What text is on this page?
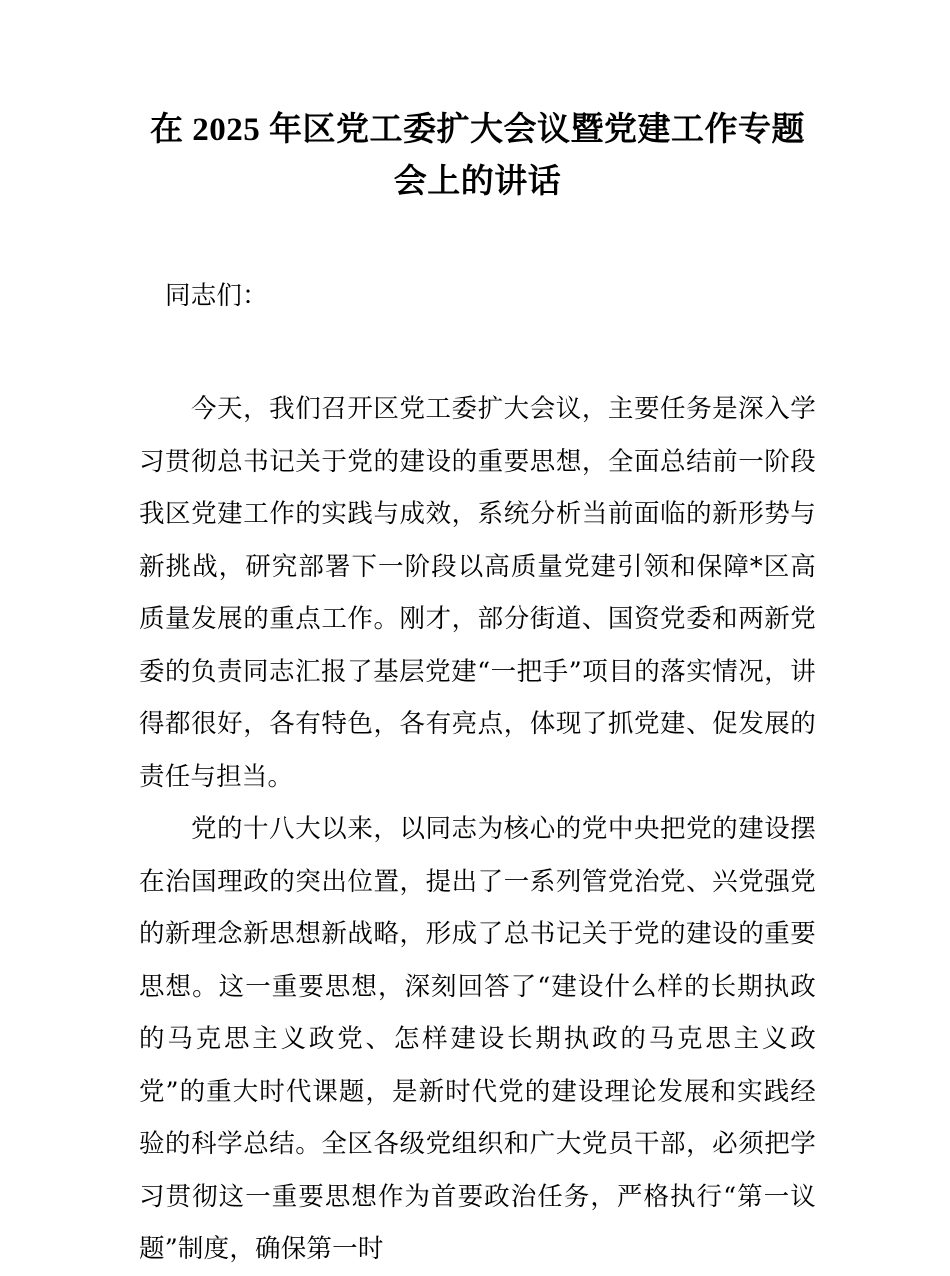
在 2025 年区党工委扩大会议暨党建工作专题
会上的讲话

同志们：

今天，我们召开区党工委扩大会议，主要任务是深入学习贯彻总书记关于党的建设的重要思想，全面总结前一阶段我区党建工作的实践与成效，系统分析当前面临的新形势与新挑战，研究部署下一阶段以高质量党建引领和保障*区高质量发展的重点工作。刚才，部分街道、国资党委和两新党委的负责同志汇报了基层党建“一把手”项目的落实情况，讲得都很好，各有特色，各有亮点，体现了抓党建、促发展的责任与担当。

党的十八大以来，以同志为核心的党中央把党的建设摆在治国理政的突出位置，提出了一系列管党治党、兴党强党的新理念新思想新战略，形成了总书记关于党的建设的重要思想。这一重要思想，深刻回答了“建设什么样的长期执政的马克思主义政党、怎样建设长期执政的马克思主义政党”的重大时代课题，是新时代党的建设理论发展和实践经验的科学总结。全区各级党组织和广大党员干部，必须把学习贯彻这一重要思想作为首要政治任务，严格执行“第一议题”制度，确保第一时
